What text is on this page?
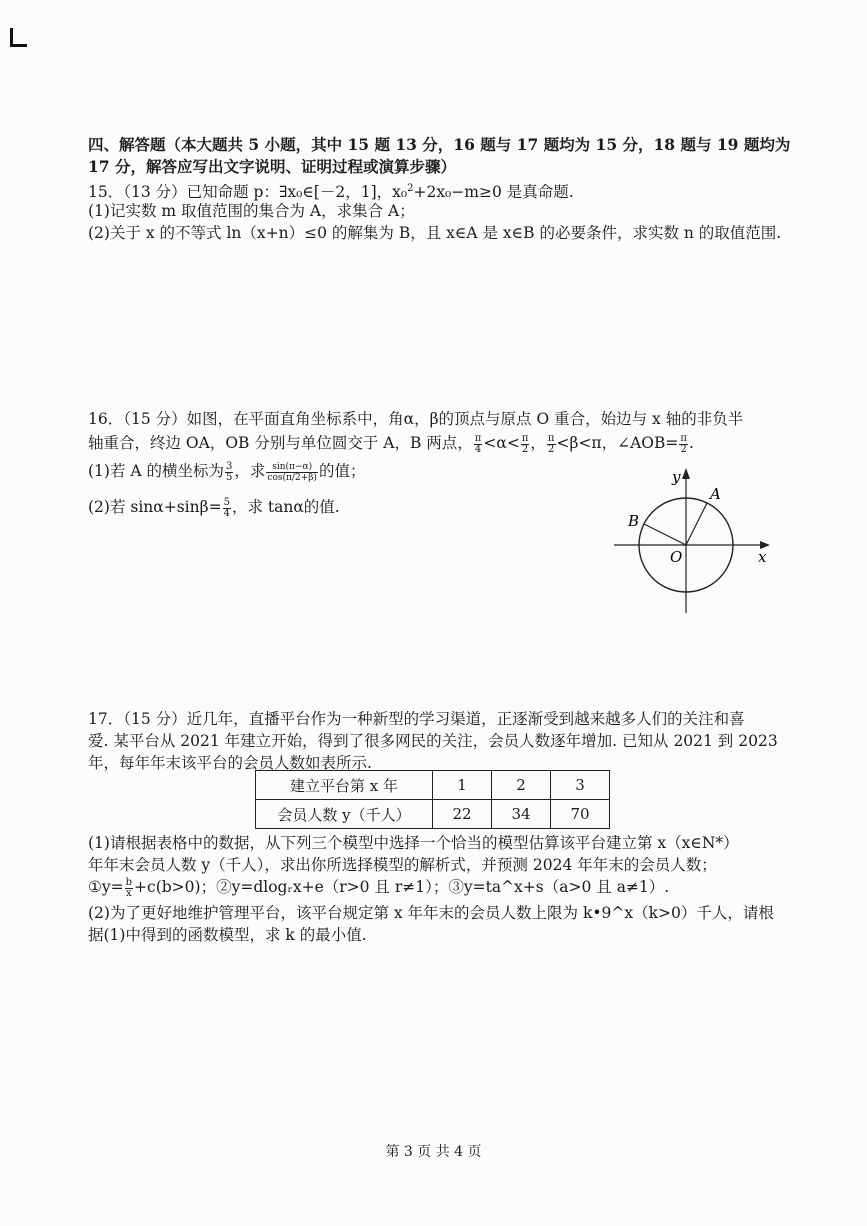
四、解答题（本大题共 5 小题，其中 15 题 13 分，16 题与 17 题均为 15 分，18 题与 19 题均为
17 分，解答应写出文字说明、证明过程或演算步骤）
15．（13 分）已知命题 p：∃x₀∈[－2，1]，x₀$^2$+2x₀−m≥0 是真命题.
(1)记实数 m 取值范围的集合为 A，求集合 A；
(2)关于 x 的不等式 ln（x+n）≤0 的解集为 B，且 x∈A 是 x∈B 的必要条件，求实数 n 的取值范围.
16．（15 分）如图，在平面直角坐标系中，角α，β的顶点与原点 O 重合，始边与 x 轴的非负半
轴重合，终边 OA，OB 分别与单位圆交于 A，B 两点， $\frac{\pi}{4} <\alpha< \frac{\pi}{2}$ ， $\frac{\pi}{2} <\beta<\pi$，∠AOB= $\frac{\pi}{2}$ .
(1)若 A 的横坐标为 $\frac{3}{5}$ ，求 $\frac{\sin(\pi-\alpha)}{\cos(\pi/2+\beta)}$ 的值；
(2)若 $\sin\alpha+\sin\beta= \frac{5}{4}$ ，求 tanα的值.
y
x
O
A
B
17．（15 分）近几年，直播平台作为一种新型的学习渠道，正逐渐受到越来越多人们的关注和喜
爱. 某平台从 2021 年建立开始，得到了很多网民的关注，会员人数逐年增加. 已知从 2021 到 2023
年，每年年末该平台的会员人数如表所示.
建立平台第 x 年	1	2	3
会员人数 y（千人）	22	34	70
(1)请根据表格中的数据，从下列三个模型中选择一个恰当的模型估算该平台建立第 x（x∈N*）
年年末会员人数 y（千人），求出你所选择模型的解析式，并预测 2024 年年末的会员人数；
①y= $\frac{b}{x} +c(b>0)$；②y=dlogᵣx+e（r>0 且 r≠1）；③y=ta^x+s（a>0 且 a≠1）.
(2)为了更好地维护管理平台，该平台规定第 x 年年末的会员人数上限为 k•9^x（k>0）千人，请根
据(1)中得到的函数模型，求 k 的最小值.
第 3 页 共 4 页
